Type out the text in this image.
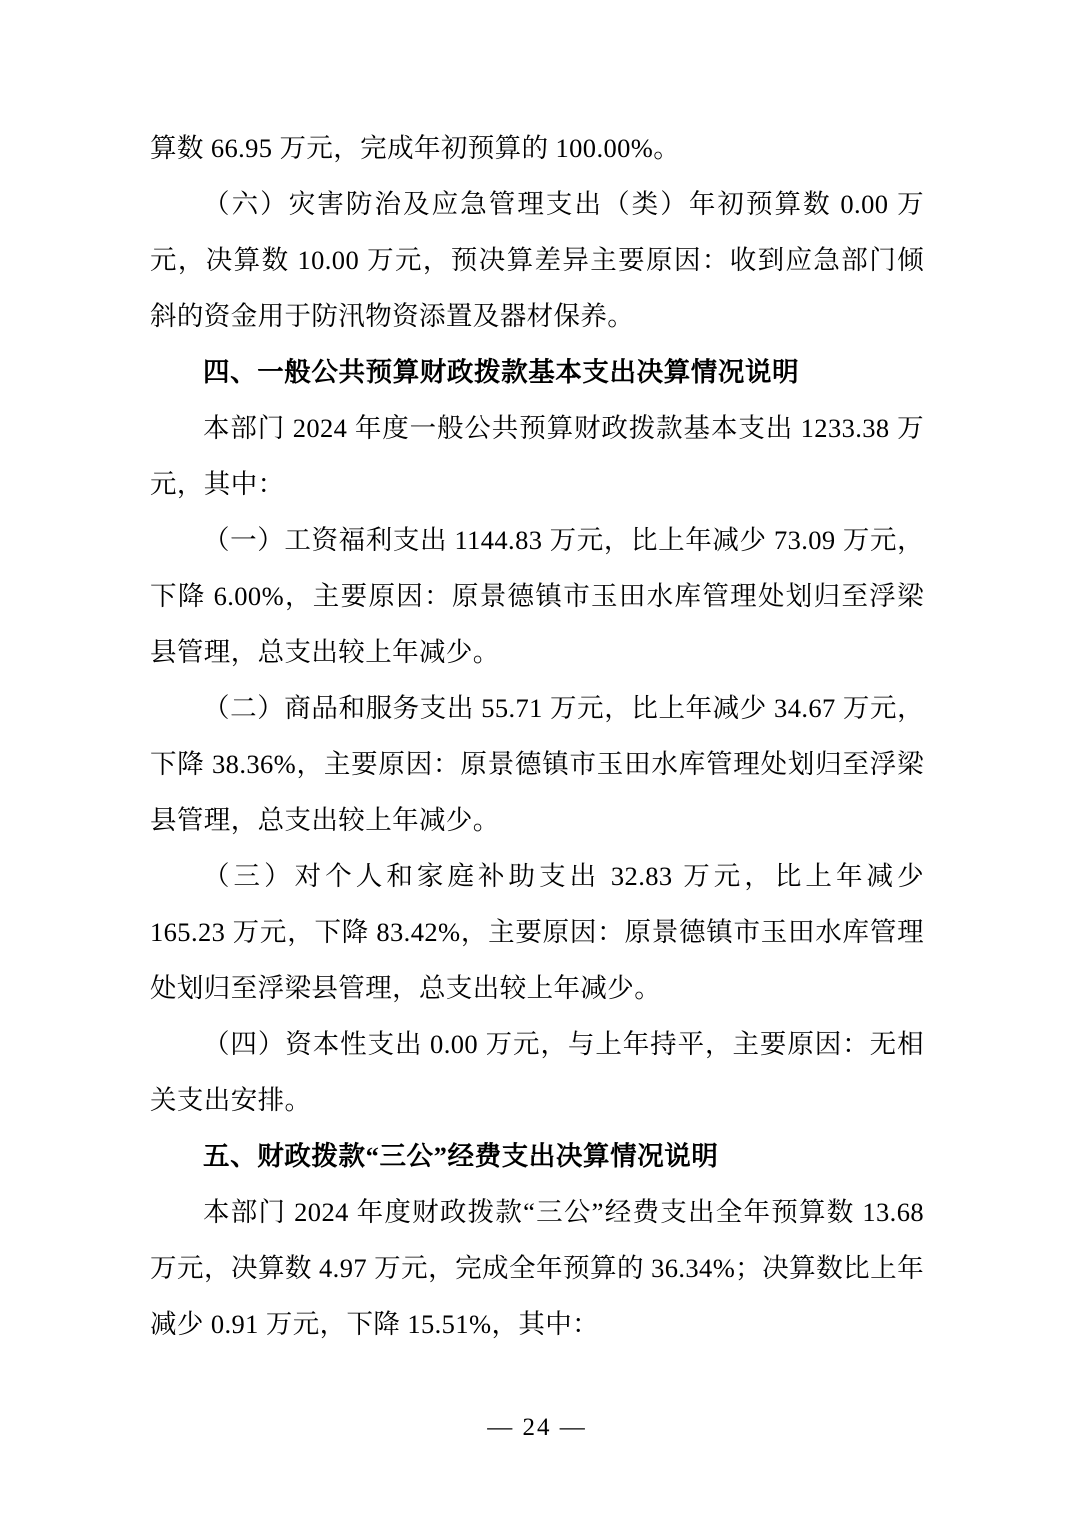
算数 66.95 万元，完成年初预算的 100.00%。

（六）灾害防治及应急管理支出（类）年初预算数 0.00 万元，决算数 10.00 万元，预决算差异主要原因：收到应急部门倾斜的资金用于防汛物资添置及器材保养。

四、一般公共预算财政拨款基本支出决算情况说明

本部门 2024 年度一般公共预算财政拨款基本支出 1233.38 万元，其中：

（一）工资福利支出 1144.83 万元，比上年减少 73.09 万元，下降 6.00%，主要原因：原景德镇市玉田水库管理处划归至浮梁县管理，总支出较上年减少。

（二）商品和服务支出 55.71 万元，比上年减少 34.67 万元，下降 38.36%，主要原因：原景德镇市玉田水库管理处划归至浮梁县管理，总支出较上年减少。

（三）对个人和家庭补助支出 32.83 万元，比上年减少 165.23 万元，下降 83.42%，主要原因：原景德镇市玉田水库管理处划归至浮梁县管理，总支出较上年减少。

（四）资本性支出 0.00 万元，与上年持平，主要原因：无相关支出安排。

五、财政拨款“三公”经费支出决算情况说明

本部门 2024 年度财政拨款“三公”经费支出全年预算数 13.68 万元，决算数 4.97 万元，完成全年预算的 36.34%；决算数比上年减少 0.91 万元，下降 15.51%，其中：

— 24 —
